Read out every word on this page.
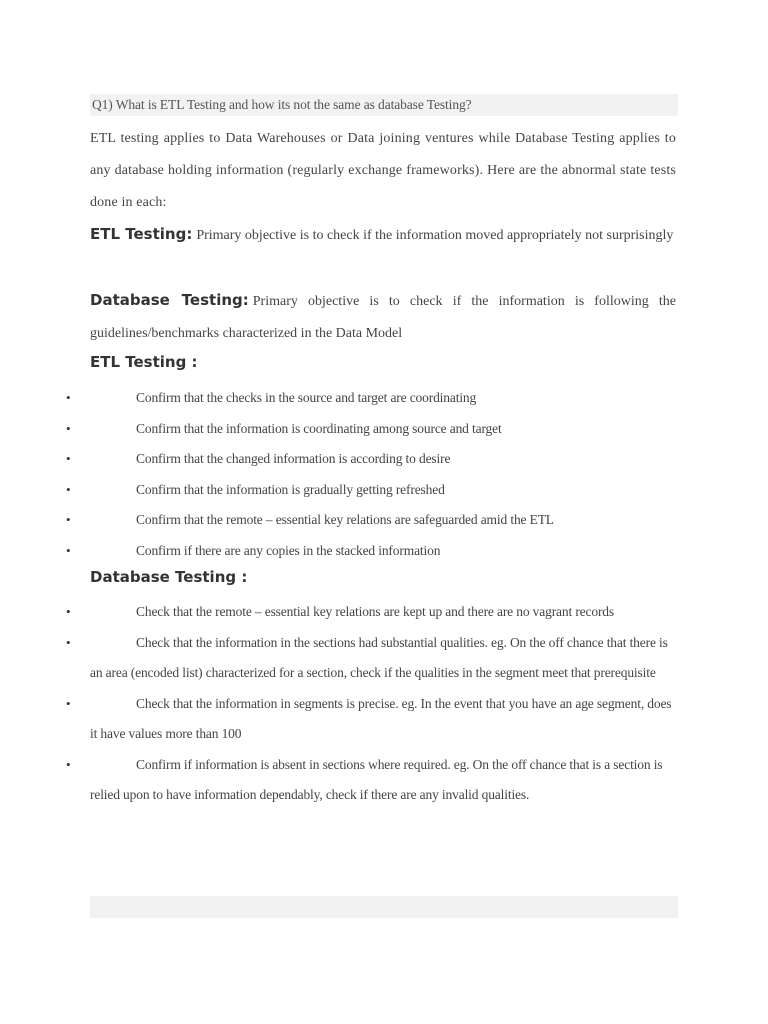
Q1) What is ETL Testing and how its not the same as database Testing?

ETL testing applies to Data Warehouses or Data joining ventures while Database Testing applies to any database holding information (regularly exchange frameworks). Here are the abnormal state tests done in each:

ETL Testing: Primary objective is to check if the information moved appropriately not surprisingly

Database Testing: Primary objective is to check if the information is following the guidelines/benchmarks characterized in the Data Model

ETL Testing :
•	Confirm that the checks in the source and target are coordinating
•	Confirm that the information is coordinating among source and target
•	Confirm that the changed information is according to desire
•	Confirm that the information is gradually getting refreshed
•	Confirm that the remote – essential key relations are safeguarded amid the ETL
•	Confirm if there are any copies in the stacked information
Database Testing :
•	Check that the remote – essential key relations are kept up and there are no vagrant records
•	Check that the information in the sections had substantial qualities. eg. On the off chance that there is an area (encoded list) characterized for a section, check if the qualities in the segment meet that prerequisite
•	Check that the information in segments is precise. eg. In the event that you have an age segment, does it have values more than 100
•	Confirm if information is absent in sections where required. eg. On the off chance that is a section is relied upon to have information dependably, check if there are any invalid qualities.
